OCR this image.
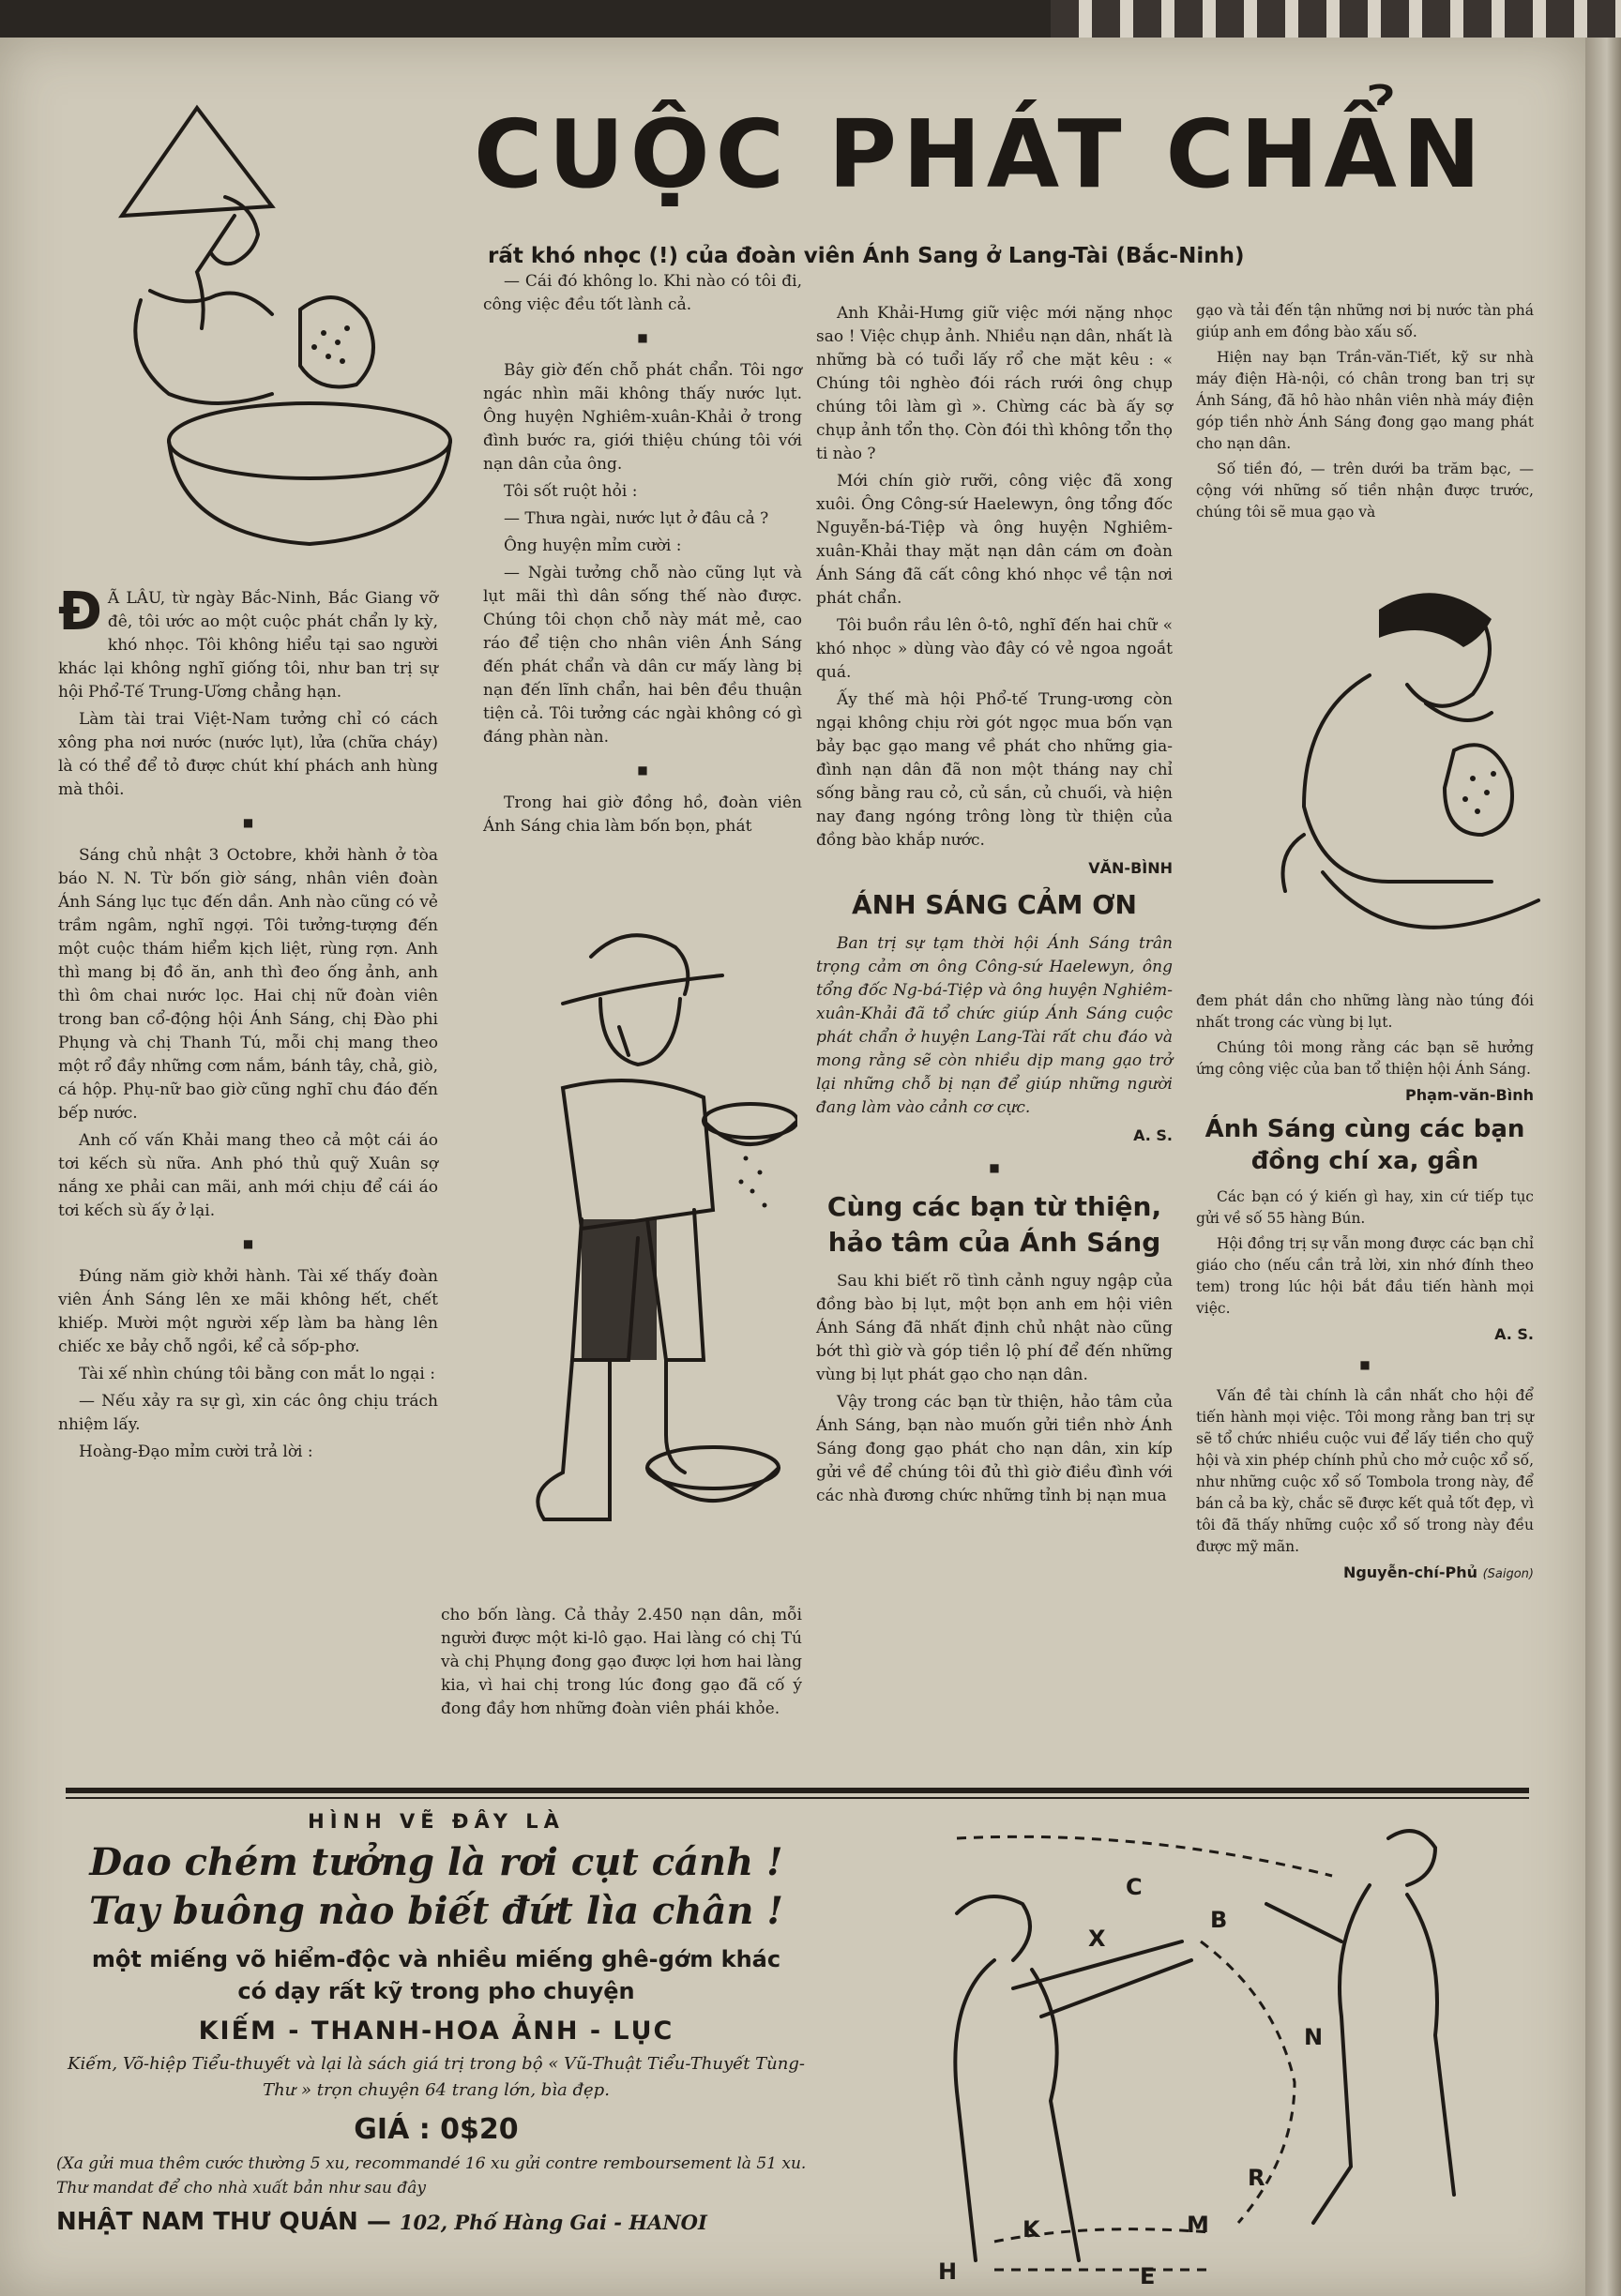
CUỘC PHÁT CHẨN
rất khó nhọc (!) của đoàn viên Ánh Sang ở Lang-Tài (Bắc-Ninh)

Đ Ã LÂU, từ ngày Bắc-Ninh, Bắc Giang vỡ đê, tôi ước ao một cuộc phát chẩn ly kỳ, khó nhọc. Tôi không hiểu tại sao người khác lại không nghĩ giống tôi, như ban trị sự hội Phổ-Tế Trung-Ương chẳng hạn.

Làm tài trai Việt-Nam tưởng chỉ có cách xông pha nơi nước (nước lụt), lửa (chữa cháy) là có thể để tỏ được chút khí phách anh hùng mà thôi.

■

Sáng chủ nhật 3 Octobre, khởi hành ở tòa báo N. N. Từ bốn giờ sáng, nhân viên đoàn Ánh Sáng lục tục đến dần. Anh nào cũng có vẻ trầm ngâm, nghĩ ngợi. Tôi tưởng-tượng đến một cuộc thám hiểm kịch liệt, rùng rợn. Anh thì mang bị đồ ăn, anh thì đeo ống ảnh, anh thì ôm chai nước lọc. Hai chị nữ đoàn viên trong ban cổ-động hội Ánh Sáng, chị Đào phi Phụng và chị Thanh Tú, mỗi chị mang theo một rổ đầy những cơm nắm, bánh tây, chả, giò, cá hộp. Phụ-nữ bao giờ cũng nghĩ chu đáo đến bếp nước.

Anh cố vấn Khải mang theo cả một cái áo tơi kếch sù nữa. Anh phó thủ quỹ Xuân sợ nắng xe phải can mãi, anh mới chịu để cái áo tơi kếch sù ấy ở lại.

■

Đúng năm giờ khởi hành. Tài xế thấy đoàn viên Ánh Sáng lên xe mãi không hết, chết khiếp. Mười một người xếp làm ba hàng lên chiếc xe bảy chỗ ngồi, kể cả sốp-phơ.

Tài xế nhìn chúng tôi bằng con mắt lo ngại :

— Nếu xảy ra sự gì, xin các ông chịu trách nhiệm lấy.

Hoàng-Đạo mỉm cười trả lời :

— Cái đó không lo. Khi nào có tôi đi, công việc đều tốt lành cả.

■

Bây giờ đến chỗ phát chẩn. Tôi ngơ ngác nhìn mãi không thấy nước lụt. Ông huyện Nghiêm-xuân-Khải ở trong đình bước ra, giới thiệu chúng tôi với nạn dân của ông.

Tôi sốt ruột hỏi :

— Thưa ngài, nước lụt ở đâu cả ?

Ông huyện mỉm cười :

— Ngài tưởng chỗ nào cũng lụt và lụt mãi thì dân sống thế nào được. Chúng tôi chọn chỗ này mát mẻ, cao ráo để tiện cho nhân viên Ánh Sáng đến phát chẩn và dân cư mấy làng bị nạn đến lĩnh chẩn, hai bên đều thuận tiện cả. Tôi tưởng các ngài không có gì đáng phàn nàn.

■

Trong hai giờ đồng hồ, đoàn viên Ánh Sáng chia làm bốn bọn, phát

cho bốn làng. Cả thảy 2.450 nạn dân, mỗi người được một ki-lô gạo. Hai làng có chị Tú và chị Phụng đong gạo được lợi hơn hai làng kia, vì hai chị trong lúc đong gạo đã cố ý đong đầy hơn những đoàn viên phái khỏe.

Anh Khải-Hưng giữ việc mới nặng nhọc sao ! Việc chụp ảnh. Nhiều nạn dân, nhất là những bà có tuổi lấy rổ che mặt kêu : « Chúng tôi nghèo đói rách rưới ông chụp chúng tôi làm gì ». Chừng các bà ấy sợ chụp ảnh tổn thọ. Còn đói thì không tổn thọ ti nào ?

Mới chín giờ rưỡi, công việc đã xong xuôi. Ông Công-sứ Haelewyn, ông tổng đốc Nguyễn-bá-Tiệp và ông huyện Nghiêm-xuân-Khải thay mặt nạn dân cám ơn đoàn Ánh Sáng đã cất công khó nhọc về tận nơi phát chẩn.

Tôi buồn rầu lên ô-tô, nghĩ đến hai chữ « khó nhọc » dùng vào đây có vẻ ngoa ngoắt quá.

Ấy thế mà hội Phổ-tế Trung-ương còn ngại không chịu rời gót ngọc mua bốn vạn bảy bạc gạo mang về phát cho những gia-đình nạn dân đã non một tháng nay chỉ sống bằng rau cỏ, củ sắn, củ chuối, và hiện nay đang ngóng trông lòng từ thiện của đồng bào khắp nước.

VĂN-BÌNH
ÁNH SÁNG CẢM ƠN

Ban trị sự tạm thời hội Ánh Sáng trân trọng cảm ơn ông Công-sứ Haelewyn, ông tổng đốc Ng-bá-Tiệp và ông huyện Nghiêm-xuân-Khải đã tổ chức giúp Ánh Sáng cuộc phát chẩn ở huyện Lang-Tài rất chu đáo và mong rằng sẽ còn nhiều dịp mang gạo trở lại những chỗ bị nạn để giúp những người đang làm vào cảnh cơ cực.

A. S.
■
Cùng các bạn từ thiện, hảo tâm của Ánh Sáng

Sau khi biết rõ tình cảnh nguy ngập của đồng bào bị lụt, một bọn anh em hội viên Ánh Sáng đã nhất định chủ nhật nào cũng bớt thì giờ và góp tiền lộ phí để đến những vùng bị lụt phát gạo cho nạn dân.

Vậy trong các bạn từ thiện, hảo tâm của Ánh Sáng, bạn nào muốn gửi tiền nhờ Ánh Sáng đong gạo phát cho nạn dân, xin kíp gửi về để chúng tôi đủ thì giờ điều đình với các nhà đương chức những tỉnh bị nạn mua

gạo và tải đến tận những nơi bị nước tàn phá giúp anh em đồng bào xấu số.

Hiện nay bạn Trần-văn-Tiết, kỹ sư nhà máy điện Hà-nội, có chân trong ban trị sự Ánh Sáng, đã hô hào nhân viên nhà máy điện góp tiền nhờ Ánh Sáng đong gạo mang phát cho nạn dân.

Số tiền đó, — trên dưới ba trăm bạc, — cộng với những số tiền nhận được trước, chúng tôi sẽ mua gạo và

đem phát dần cho những làng nào túng đói nhất trong các vùng bị lụt.

Chúng tôi mong rằng các bạn sẽ hưởng ứng công việc của ban tổ thiện hội Ánh Sáng.

Phạm-văn-Bình
Ánh Sáng cùng các bạn đồng chí xa, gần

Các bạn có ý kiến gì hay, xin cứ tiếp tục gửi về số 55 hàng Bún.

Hội đồng trị sự vẫn mong được các bạn chỉ giáo cho (nếu cần trả lời, xin nhớ đính theo tem) trong lúc hội bắt đầu tiến hành mọi việc.

A. S.
■

Vấn đề tài chính là cần nhất cho hội để tiến hành mọi việc. Tôi mong rằng ban trị sự sẽ tổ chức nhiều cuộc vui để lấy tiền cho quỹ hội và xin phép chính phủ cho mở cuộc xổ số, như những cuộc xổ số Tombola trong này, để bán cả ba kỳ, chắc sẽ được kết quả tốt đẹp, vì tôi đã thấy những cuộc xổ số trong này đều được mỹ mãn.

Nguyễn-chí-Phủ (Saigon)
HÌNH VẼ ĐÂY LÀ
Dao chém tưởng là rơi cụt cánh !
Tay buông nào biết đứt lìa chân !
một miếng võ hiểm-độc và nhiều miếng ghê-gớm khác
có dạy rất kỹ trong pho chuyện
KIẾM - THANH-HOA ẢNH - LỤC
Kiếm, Võ-hiệp Tiểu-thuyết và lại là sách giá trị trong bộ « Vũ-Thuật Tiểu-Thuyết Tùng-Thư » trọn chuyện 64 trang lớn, bìa đẹp.
GIÁ : 0$20
(Xa gửi mua thêm cước thường 5 xu, recommandé 16 xu gửi contre remboursement là 51 xu. Thư mandat để cho nhà xuất bản như sau đây
NHẬT NAM THƯ QUÁN — 102, Phố Hàng Gai - HANOI
C
B
X
N
R
K	M
H	E
